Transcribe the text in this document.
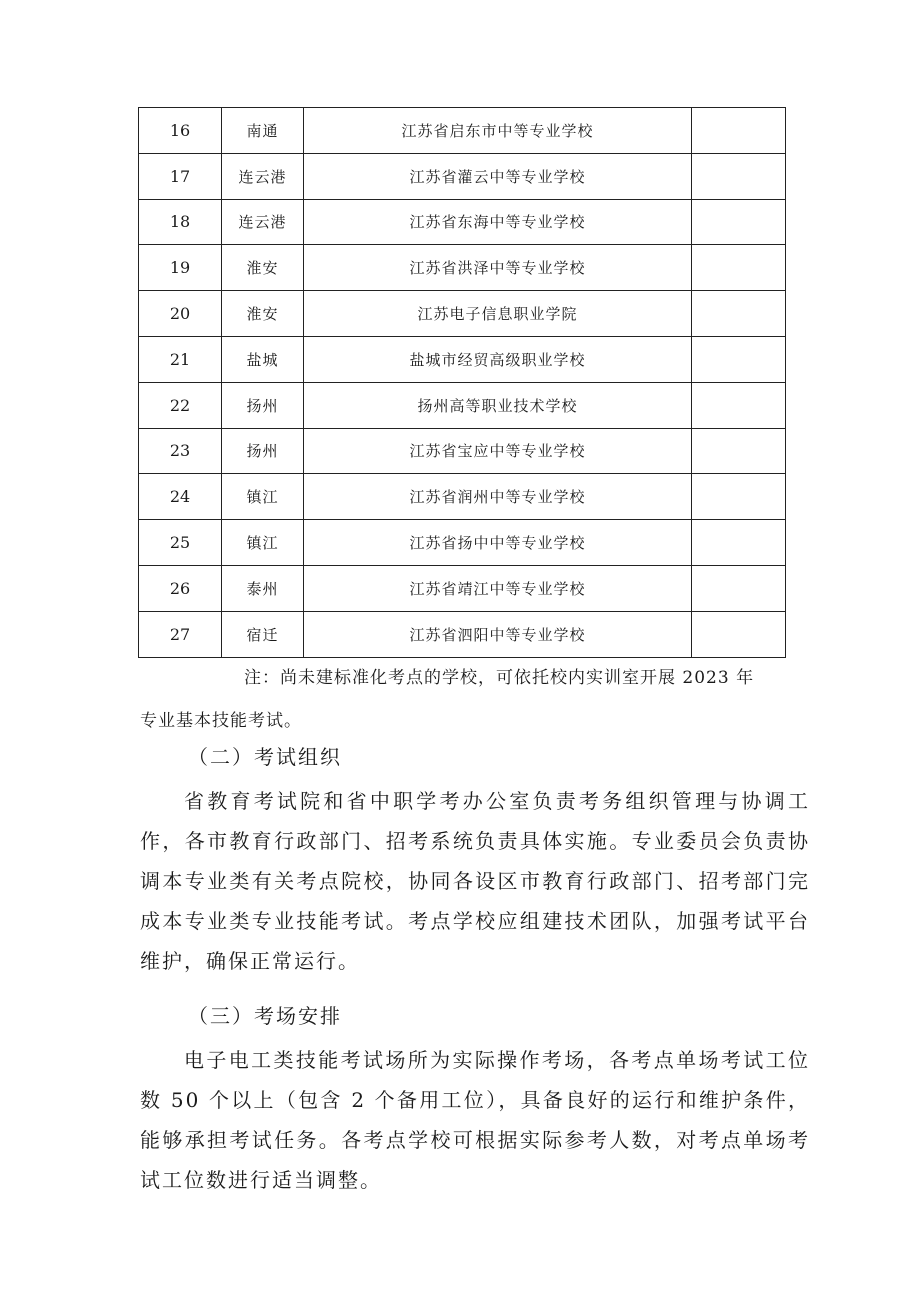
16	南通	江苏省启东市中等专业学校	
17	连云港	江苏省灌云中等专业学校	
18	连云港	江苏省东海中等专业学校	
19	淮安	江苏省洪泽中等专业学校	
20	淮安	江苏电子信息职业学院	
21	盐城	盐城市经贸高级职业学校	
22	扬州	扬州高等职业技术学校	
23	扬州	江苏省宝应中等专业学校	
24	镇江	江苏省润州中等专业学校	
25	镇江	江苏省扬中中等专业学校	
26	泰州	江苏省靖江中等专业学校	
27	宿迁	江苏省泗阳中等专业学校	

注：尚未建标准化考点的学校，可依托校内实训室开展 2023 年

专业基本技能考试。

（二）考试组织

省教育考试院和省中职学考办公室负责考务组织管理与协调工作，各市教育行政部门、招考系统负责具体实施。专业委员会负责协调本专业类有关考点院校，协同各设区市教育行政部门、招考部门完成本专业类专业技能考试。考点学校应组建技术团队，加强考试平台维护，确保正常运行。

（三）考场安排

电子电工类技能考试场所为实际操作考场，各考点单场考试工位数 50 个以上（包含 2 个备用工位），具备良好的运行和维护条件，能够承担考试任务。各考点学校可根据实际参考人数，对考点单场考试工位数进行适当调整。
